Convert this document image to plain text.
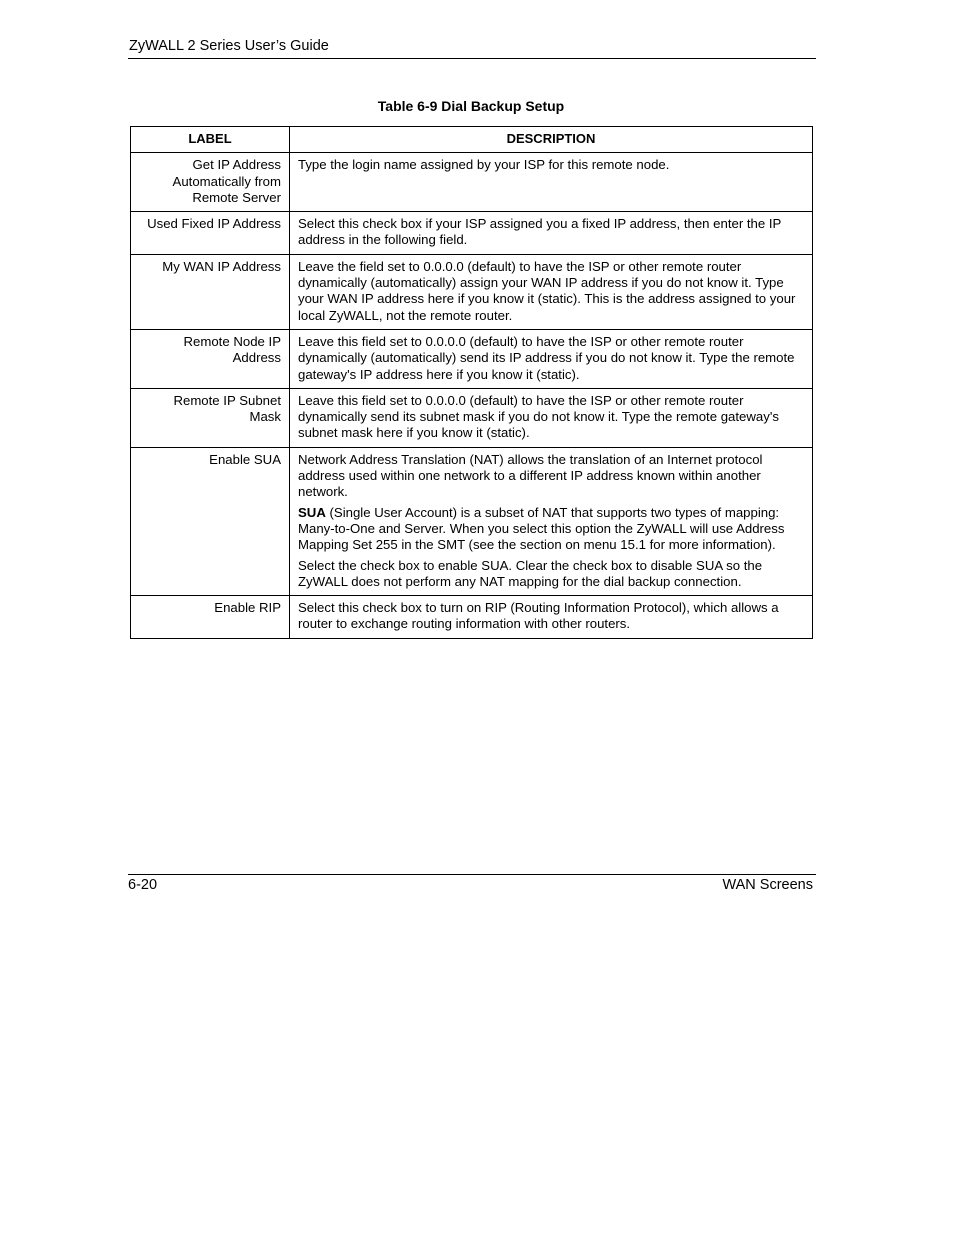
ZyWALL 2 Series User’s Guide
Table 6-9 Dial Backup Setup
LABEL	DESCRIPTION
Get IP Address Automatically from Remote Server	Type the login name assigned by your ISP for this remote node.

Used Fixed IP Address	Select this check box if your ISP assigned you a fixed IP address, then enter the IP address in the following field.

My WAN IP Address	Leave the field set to 0.0.0.0 (default) to have the ISP or other remote router dynamically (automatically) assign your WAN IP address if you do not know it. Type your WAN IP address here if you know it (static). This is the address assigned to your local ZyWALL, not the remote router.

Remote Node IP Address	Leave this field set to 0.0.0.0 (default) to have the ISP or other remote router dynamically (automatically) send its IP address if you do not know it. Type the remote gateway's IP address here if you know it (static).

Remote IP Subnet Mask	Leave this field set to 0.0.0.0 (default) to have the ISP or other remote router dynamically send its subnet mask if you do not know it. Type the remote gateway's subnet mask here if you know it (static).

Enable SUA	Network Address Translation (NAT) allows the translation of an Internet protocol address used within one network to a different IP address known within another network.

SUA (Single User Account) is a subset of NAT that supports two types of mapping: Many-to-One and Server. When you select this option the ZyWALL will use Address Mapping Set 255 in the SMT (see the section on menu 15.1 for more information).

Select the check box to enable SUA. Clear the check box to disable SUA so the ZyWALL does not perform any NAT mapping for the dial backup connection.

Enable RIP	Select this check box to turn on RIP (Routing Information Protocol), which allows a router to exchange routing information with other routers.

6-20	WAN Screens
